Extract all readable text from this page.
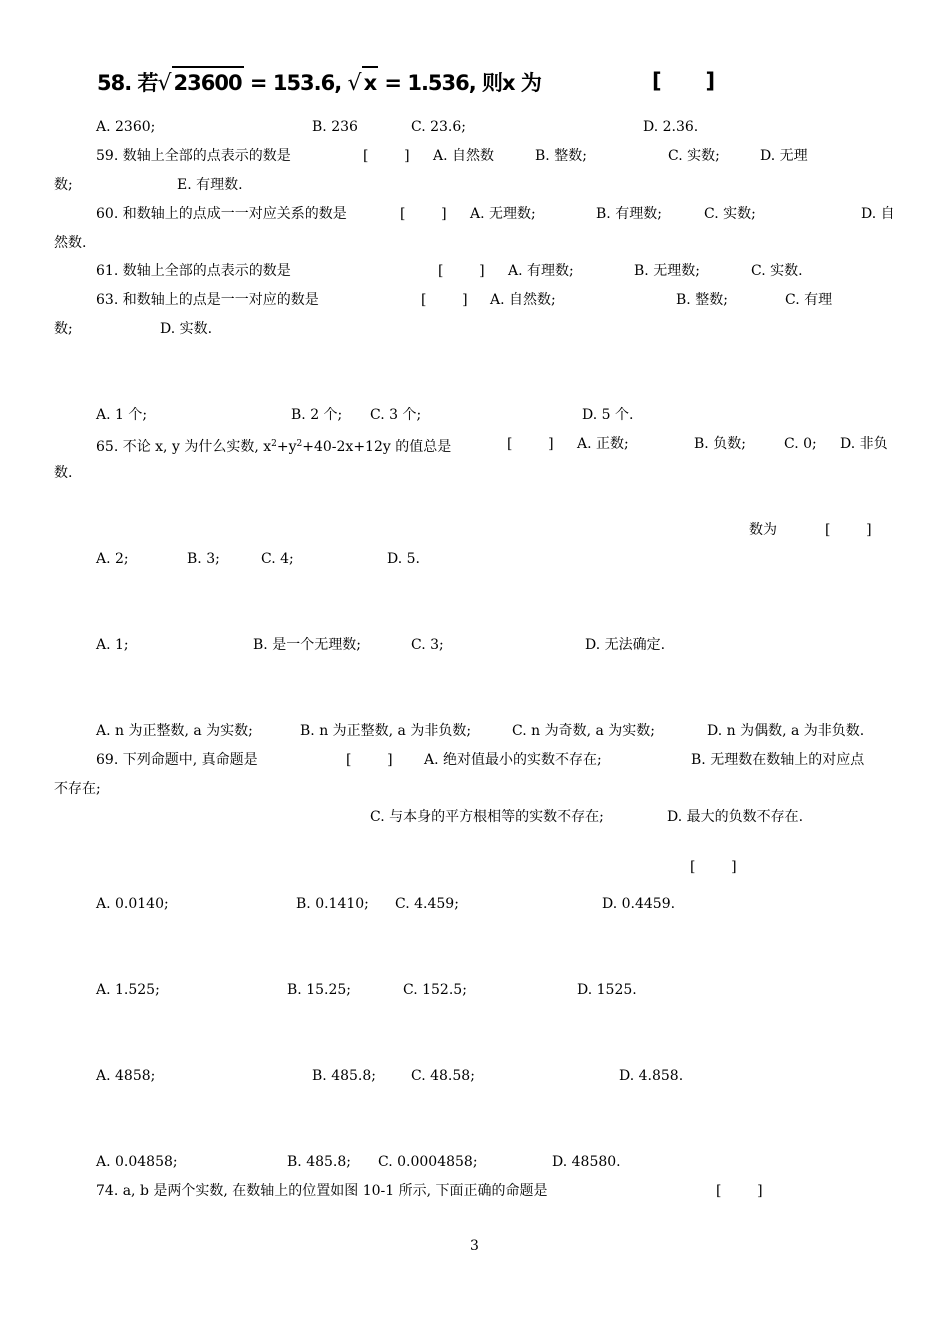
58. 若√ 23600 = 153.6, √ x = 1.536, 则x 为	[      ]
A. 2360;	B. 236	C. 23.6;	D. 2.36.
59. 数轴上全部的点表示的数是	[        ] A. 自然数	B. 整数;	C. 实数;	D. 无理
数;	E. 有理数.
60. 和数轴上的点成一一对应关系的数是	[        ] A. 无理数;	B. 有理数;	C. 实数;	D. 自
然数.
61. 数轴上全部的点表示的数是	[        ] A. 有理数;	B. 无理数;	C. 实数.
63. 和数轴上的点是一一对应的数是	[        ] A. 自然数;	B. 整数;	C. 有理
数;	D. 实数.
A. 1 个;	B. 2 个; C. 3 个;	D. 5 个.
65. 不论 x, y 为什么实数, $x^2+y^2+40-2x+12y$ 的值总是	[        ] A. 正数;	B. 负数;	C. 0; D. 非负
数.
数为	[        ]
A. 2;	B. 3;	C. 4;	D. 5.
A. 1;	B. 是一个无理数;	C. 3;	D. 无法确定.
A. n 为正整数, a 为实数;	B. n 为正整数, a 为非负数;	C. n 为奇数, a 为实数;	D. n 为偶数, a 为非负数.
69. 下列命题中, 真命题是	[        ] A. 绝对值最小的实数不存在;	B. 无理数在数轴上的对应点
不存在;
C. 与本身的平方根相等的实数不存在;	D. 最大的负数不存在.
[        ]
A. 0.0140;	B. 0.1410; C. 4.459;	D. 0.4459.
A. 1.525;	B. 15.25;	C. 152.5;	D. 1525.
A. 4858;	B. 485.8;	C. 48.58;	D. 4.858.
A. 0.04858;	B. 485.8; C. 0.0004858;	D. 48580.
74. a, b 是两个实数, 在数轴上的位置如图 10-1 所示, 下面正确的命题是	[        ]
3
